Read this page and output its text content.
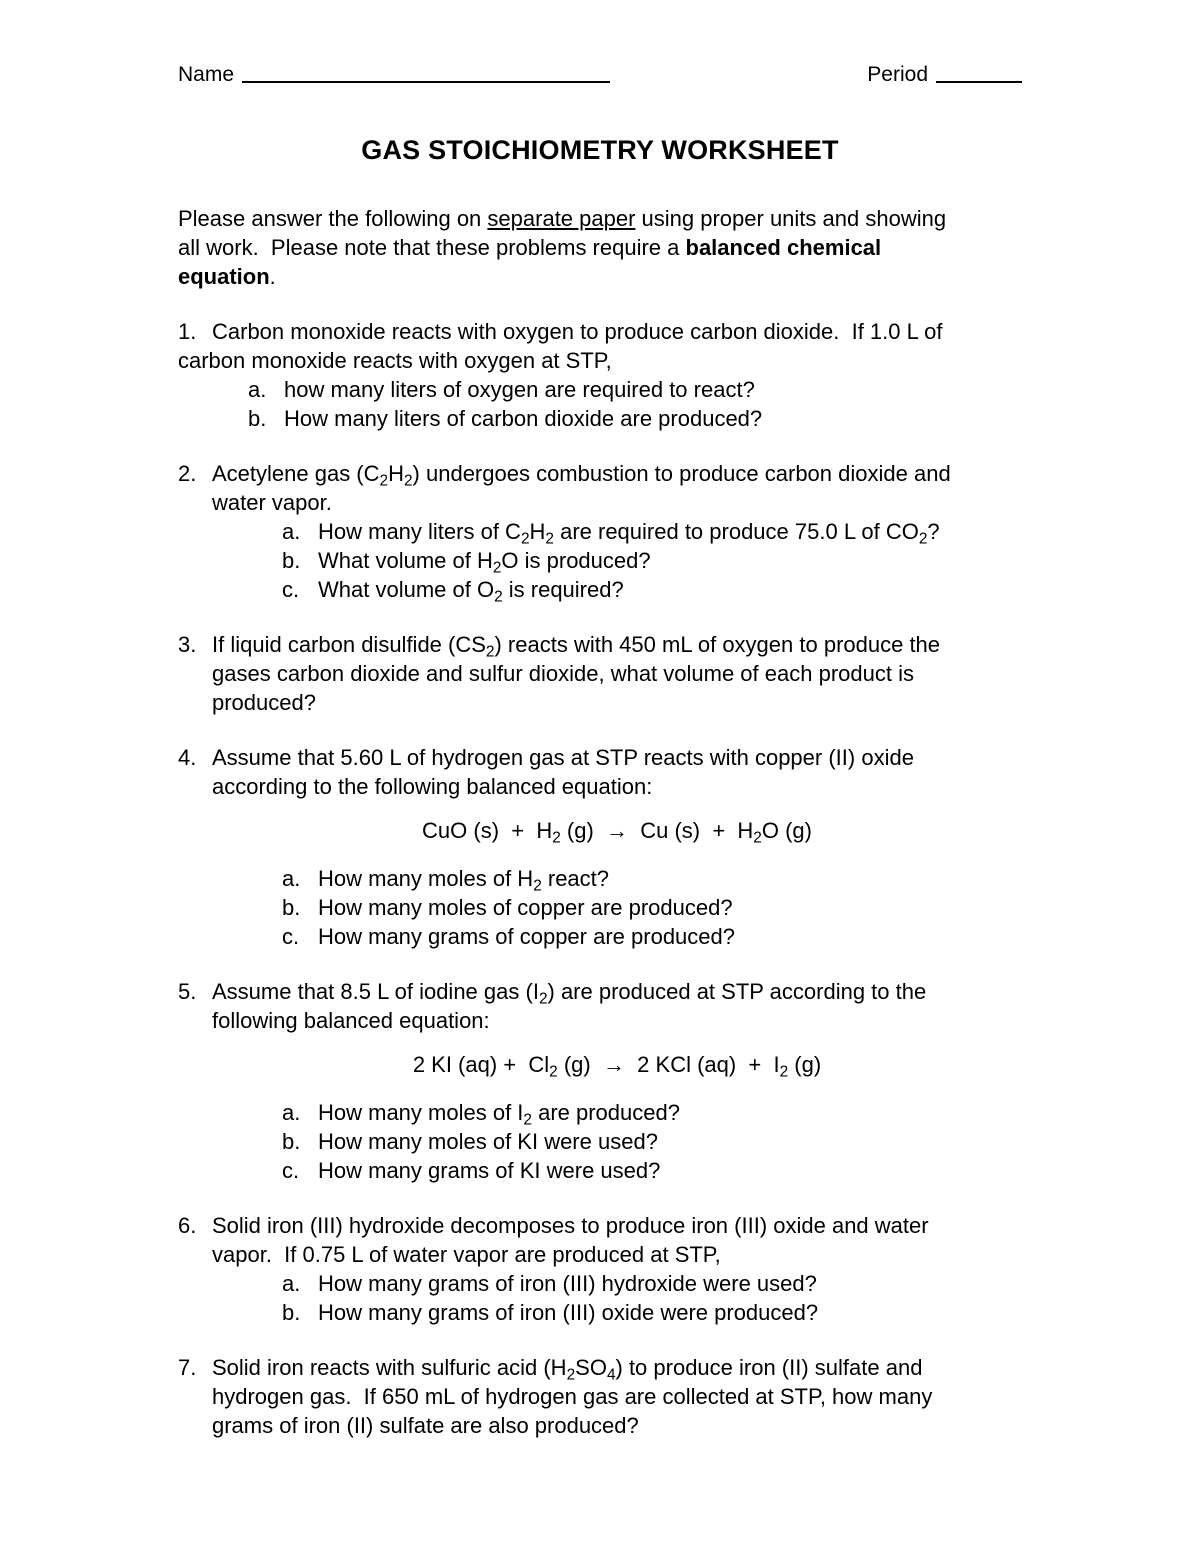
Name	Period
GAS STOICHIOMETRY WORKSHEET
Please answer the following on separate paper using proper units and showing
all work.  Please note that these problems require a balanced chemical
equation.
1. Carbon monoxide reacts with oxygen to produce carbon dioxide.  If 1.0 L of
carbon monoxide reacts with oxygen at STP,
a. how many liters of oxygen are required to react?
b. How many liters of carbon dioxide are produced?
2. Acetylene gas $(C_2H_2)$ undergoes combustion to produce carbon dioxide and
water vapor.
a. How many liters of $C_2H_2$ are required to produce 75.0 L of $CO_2$?
b. What volume of $H_2O$ is produced?
c. What volume of $O_2$ is required?
3. If liquid carbon disulfide $(CS_2)$ reacts with 450 mL of oxygen to produce the
gases carbon dioxide and sulfur dioxide, what volume of each product is
produced?
4. Assume that 5.60 L of hydrogen gas at STP reacts with copper (II) oxide
according to the following balanced equation:
CuO $(s) + H_2$ (g)  →  Cu $(s) + H_2O$ (g)
a. How many moles of $H_2$ react?
b. How many moles of copper are produced?
c. How many grams of copper are produced?
5. Assume that 8.5 L of iodine gas $(I_2)$ are produced at STP according to the
following balanced equation:
2 KI $(aq) + Cl_2$ (g)  →  2 KCl $(aq) + I_2$ (g)
a. How many moles of $I_2$ are produced?
b. How many moles of KI were used?
c. How many grams of KI were used?
6. Solid iron (III) hydroxide decomposes to produce iron (III) oxide and water
vapor.  If 0.75 L of water vapor are produced at STP,
a. How many grams of iron (III) hydroxide were used?
b. How many grams of iron (III) oxide were produced?
7. Solid iron reacts with sulfuric acid $(H_2SO_4)$ to produce iron (II) sulfate and
hydrogen gas.  If 650 mL of hydrogen gas are collected at STP, how many
grams of iron (II) sulfate are also produced?
